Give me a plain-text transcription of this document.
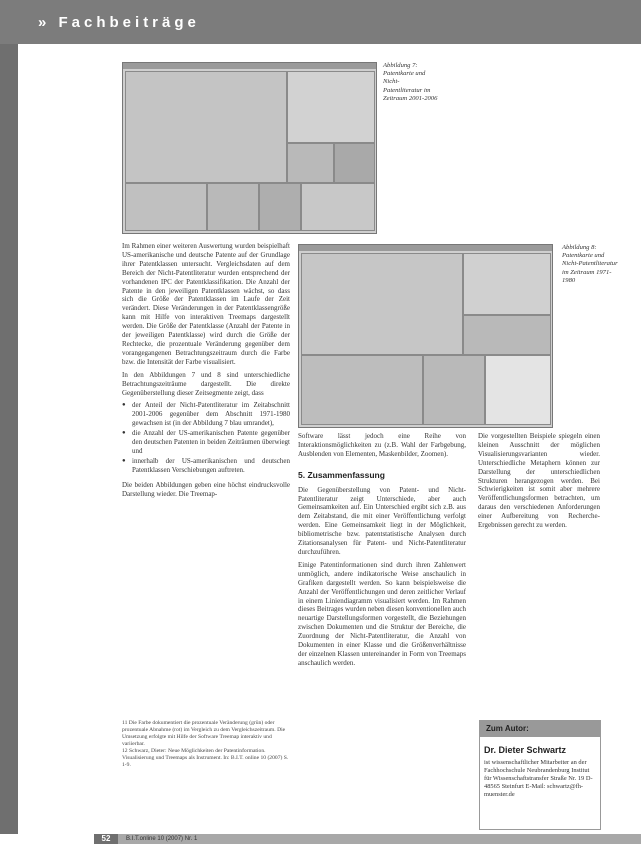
» Fachbeiträge
Abbildung 7: Patentkarte und Nicht-Patentliteratur im Zeitraum 2001-2006
Abbildung 8: Patentkarte und Nicht-Patentliteratur im Zeitraum 1971-1980

Im Rahmen einer weiteren Auswertung wurden beispielhaft US-amerikanische und deutsche Patente auf der Grundlage ihrer Patentklassen untersucht. Vergleichsdaten auf dem Bereich der Nicht-Patentliteratur wurden entsprechend der vorhandenen IPC der Patentklassifikation. Die Anzahl der Patente in den jeweiligen Patentklassen wächst, so dass sich die Größe der Patentklassen im Laufe der Zeit verändert. Diese Veränderungen in der Patentklassengröße kann mit Hilfe von interaktiven Treemaps dargestellt werden. Die Größe der Patentklasse (Anzahl der Patente in der jeweiligen Patentklasse) wird durch die Größe der Rechtecke, die prozentuale Veränderung gegenüber dem vorangegangenen Betrachtungszeitraum durch die Farbe bzw. die Intensität der Farbe visualisiert.

In den Abbildungen 7 und 8 sind unterschiedliche Betrachtungszeiträume dargestellt. Die direkte Gegenüberstellung dieser Zeitsegmente zeigt, dass

● der Anteil der Nicht-Patentliteratur im Zeitabschnitt 2001-2006 gegenüber dem Abschnitt 1971-1980 gewachsen ist (in der Abbildung 7 blau umrandet),
● die Anzahl der US-amerikanischen Patente gegenüber den deutschen Patenten in beiden Zeiträumen überwiegt und
● innerhalb der US-amerikanischen und deutschen Patentklassen Verschiebungen auftreten.

Die beiden Abbildungen geben eine höchst eindrucksvolle Darstellung wieder. Die Treemap-

11 Die Farbe dokumentiert die prozentuale Veränderung (grün) oder prozentuale Abnahme (rot) im Vergleich zu dem Vergleichszeitraum. Die Umsetzung erfolgte mit Hilfe der Software Treemap interaktiv und variierbar.
12 Schwarz, Dieter: Neue Möglichkeiten der Patentinformation. Visualisierung und Treemaps als Instrument. In: B.I.T. online 10 (2007) S. 1-9.

Software lässt jedoch eine Reihe von Interaktionsmöglichkeiten zu (z.B. Wahl der Farbgebung, Ausblenden von Elementen, Maskenbilder, Zoomen).

5. Zusammenfassung

Die Gegenüberstellung von Patent- und Nicht-Patentliteratur zeigt Unterschiede, aber auch Gemeinsamkeiten auf. Ein Unterschied ergibt sich z.B. aus dem Zeitabstand, die mit einer Veröffentlichung verfolgt werden. Eine Gemeinsamkeit liegt in der Möglichkeit, bibliometrische bzw. patentstatistische Analysen durch Zitationsanalysen für Patent- und Nicht-Patentliteratur durchzuführen.

Einige Patentinformationen sind durch ihren Zahlenwert unmöglich, andere indikatorische Weise anschaulich in Grafiken dargestellt werden. So kann beispielsweise die Anzahl der Veröffentlichungen und deren zeitlicher Verlauf in einem Liniendiagramm visualisiert werden. Im Rahmen dieses Beitrages wurden neben diesen konventionellen auch neuartige Darstellungsformen vorgestellt, die Beziehungen zwischen Dokumenten und die Struktur der Bereiche, die Zuordnung der Nicht-Patentliteratur, die Anzahl von Dokumenten in einer Klasse und die Größenverhältnisse der einzelnen Klassen untereinander in Form von Treemaps anschaulich werden.

Die vorgestellten Beispiele spiegeln einen kleinen Ausschnitt der möglichen Visualisierungsvarianten wieder. Unterschiedliche Metaphern können zur Darstellung der unterschiedlichen Strukturen herangezogen werden. Bei Schwierigkeiten ist somit aber mehrere Veröffentlichungsformen betrachten, um daraus den verschiedenen Anforderungen einer Aufbereitung von Recherche-Ergebnissen gerecht zu werden.

Zum Autor:
Dr. Dieter Schwartz
ist wissenschaftlicher Mitarbeiter an der Fachhochschule Neubrandenburg Institut für Wissenschaftstransfer Straße Nr. 19 D-48565 Steinfurt E-Mail: schwartz@fh-muenster.de
52	B.I.T.online 10 (2007) Nr. 1
